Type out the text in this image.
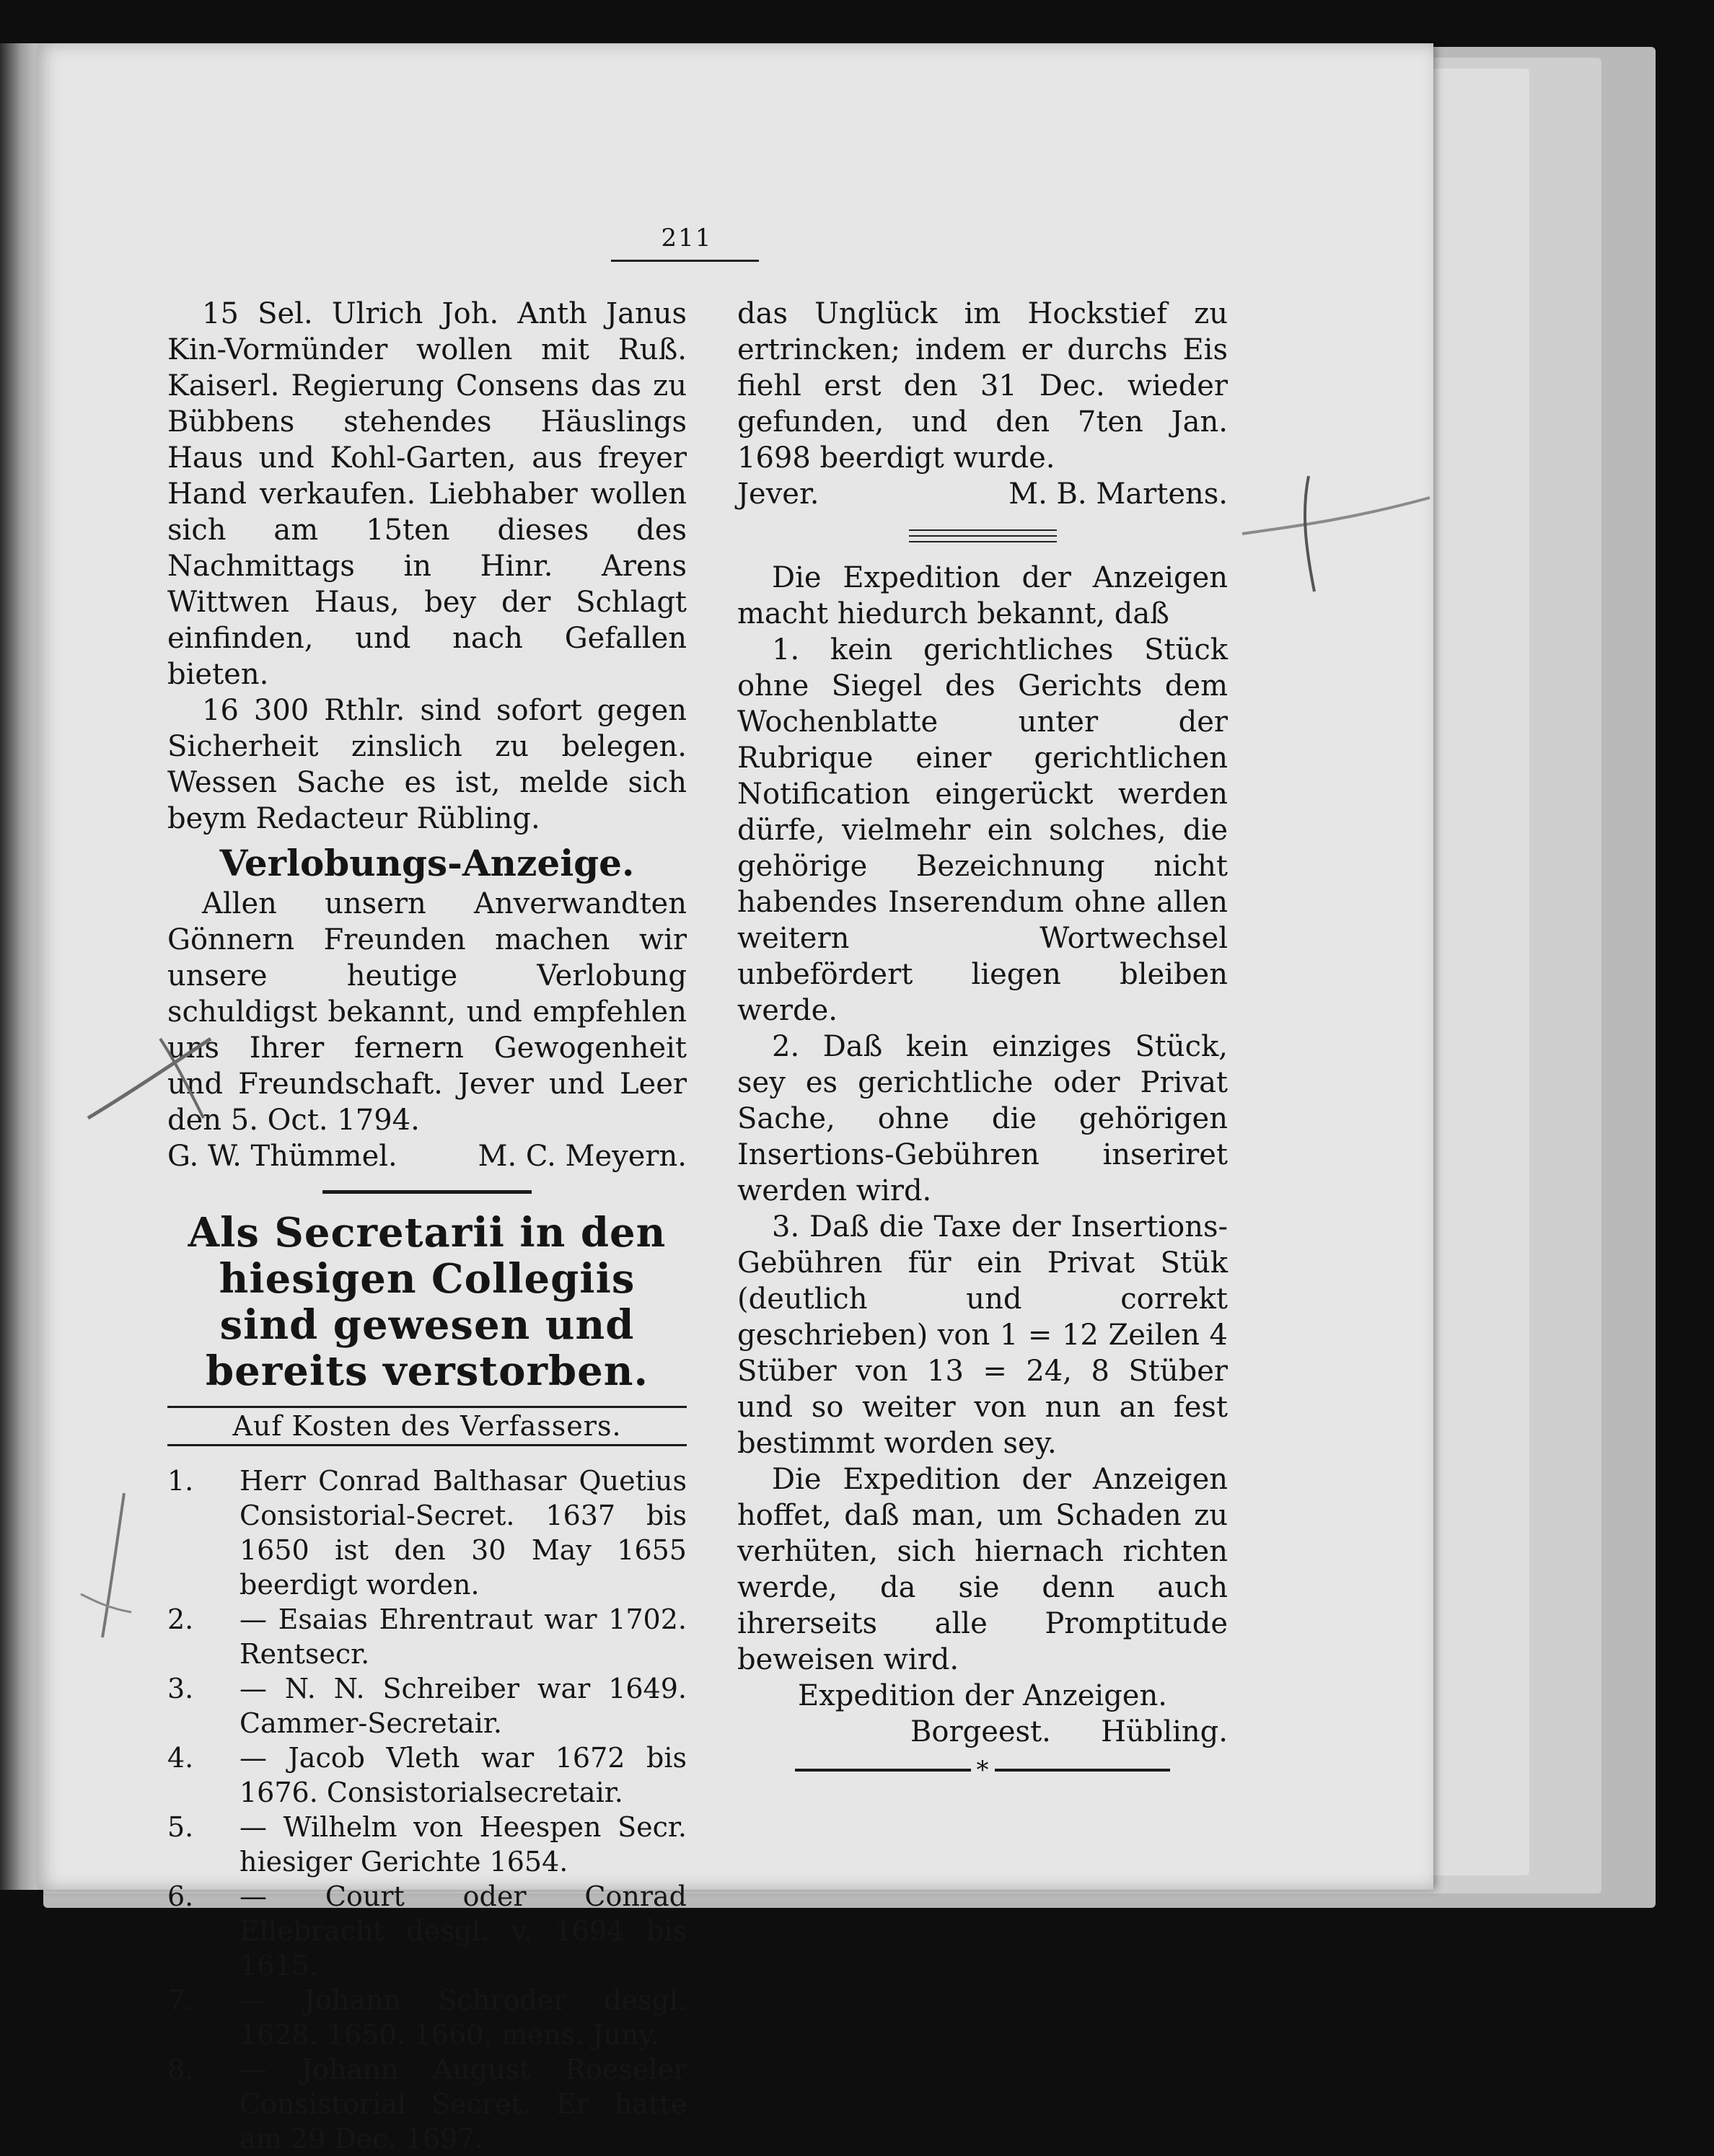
211

15 Sel. Ulrich Joh. Anth Janus Kin-Vormünder wollen mit Ruß. Kaiserl. Regierung Consens das zu Bübbens stehendes Häuslings Haus und Kohl-Garten, aus freyer Hand verkaufen. Liebhaber wollen sich am 15ten dieses des Nachmittags in Hinr. Arens Wittwen Haus, bey der Schlagt einfinden, und nach Gefallen bieten.

16 300 Rthlr. sind sofort gegen Sicherheit zinslich zu belegen. Wessen Sache es ist, melde sich beym Redacteur Rübling.

Verlobungs-Anzeige.

Allen unsern Anverwandten Gönnern Freunden machen wir unsere heutige Verlobung schuldigst bekannt, und empfehlen uns Ihrer fernern Gewogenheit und Freundschaft. Jever und Leer den 5. Oct. 1794.

G. W. Thümmel.	M. C. Meyern.
Als Secretarii in den hiesigen Collegiis sind gewesen und bereits verstorben.
Auf Kosten des Verfassers.
1. Herr Conrad Balthasar Quetius Consistorial-Secret. 1637 bis 1650 ist den 30 May 1655 beerdigt worden.
2. — Esaias Ehrentraut war 1702. Rentsecr.
3. — N. N. Schreiber war 1649. Cammer-Secretair.
4. — Jacob Vleth war 1672 bis 1676. Consistorialsecretair.
5. — Wilhelm von Heespen Secr. hiesiger Gerichte 1654.
6. — Court oder Conrad Ellebracht desgl. v. 1694 bis 1615.
7. — Johann Schroder desgl. 1628. 1650. 1660. mens. Juny.
8. — Johann August Roeseler Consistorial Secret. Er hatte am 29 Dec. 1697.

das Unglück im Hockstief zu ertrincken; indem er durchs Eis fiehl erst den 31 Dec. wieder gefunden, und den 7ten Jan. 1698 beerdigt wurde.

Jever.	M. B. Martens.

Die Expedition der Anzeigen macht hiedurch bekannt, daß

1. kein gerichtliches Stück ohne Siegel des Gerichts dem Wochenblatte unter der Rubrique einer gerichtlichen Notification eingerückt werden dürfe, vielmehr ein solches, die gehörige Bezeichnung nicht habendes Inserendum ohne allen weitern Wortwechsel unbefördert liegen bleiben werde.

2. Daß kein einziges Stück, sey es gerichtliche oder Privat Sache, ohne die gehörigen Insertions-Gebühren inseriret werden wird.

3. Daß die Taxe der Insertions-Gebühren für ein Privat Stük (deutlich und correkt geschrieben) von 1 = 12 Zeilen 4 Stüber von 13 = 24, 8 Stüber und so weiter von nun an fest bestimmt worden sey.

Die Expedition der Anzeigen hoffet, daß man, um Schaden zu verhüten, sich hiernach richten werde, da sie denn auch ihrerseits alle Promptitude beweisen wird.

Expedition der Anzeigen.
Borgeest. Hübling.
*
